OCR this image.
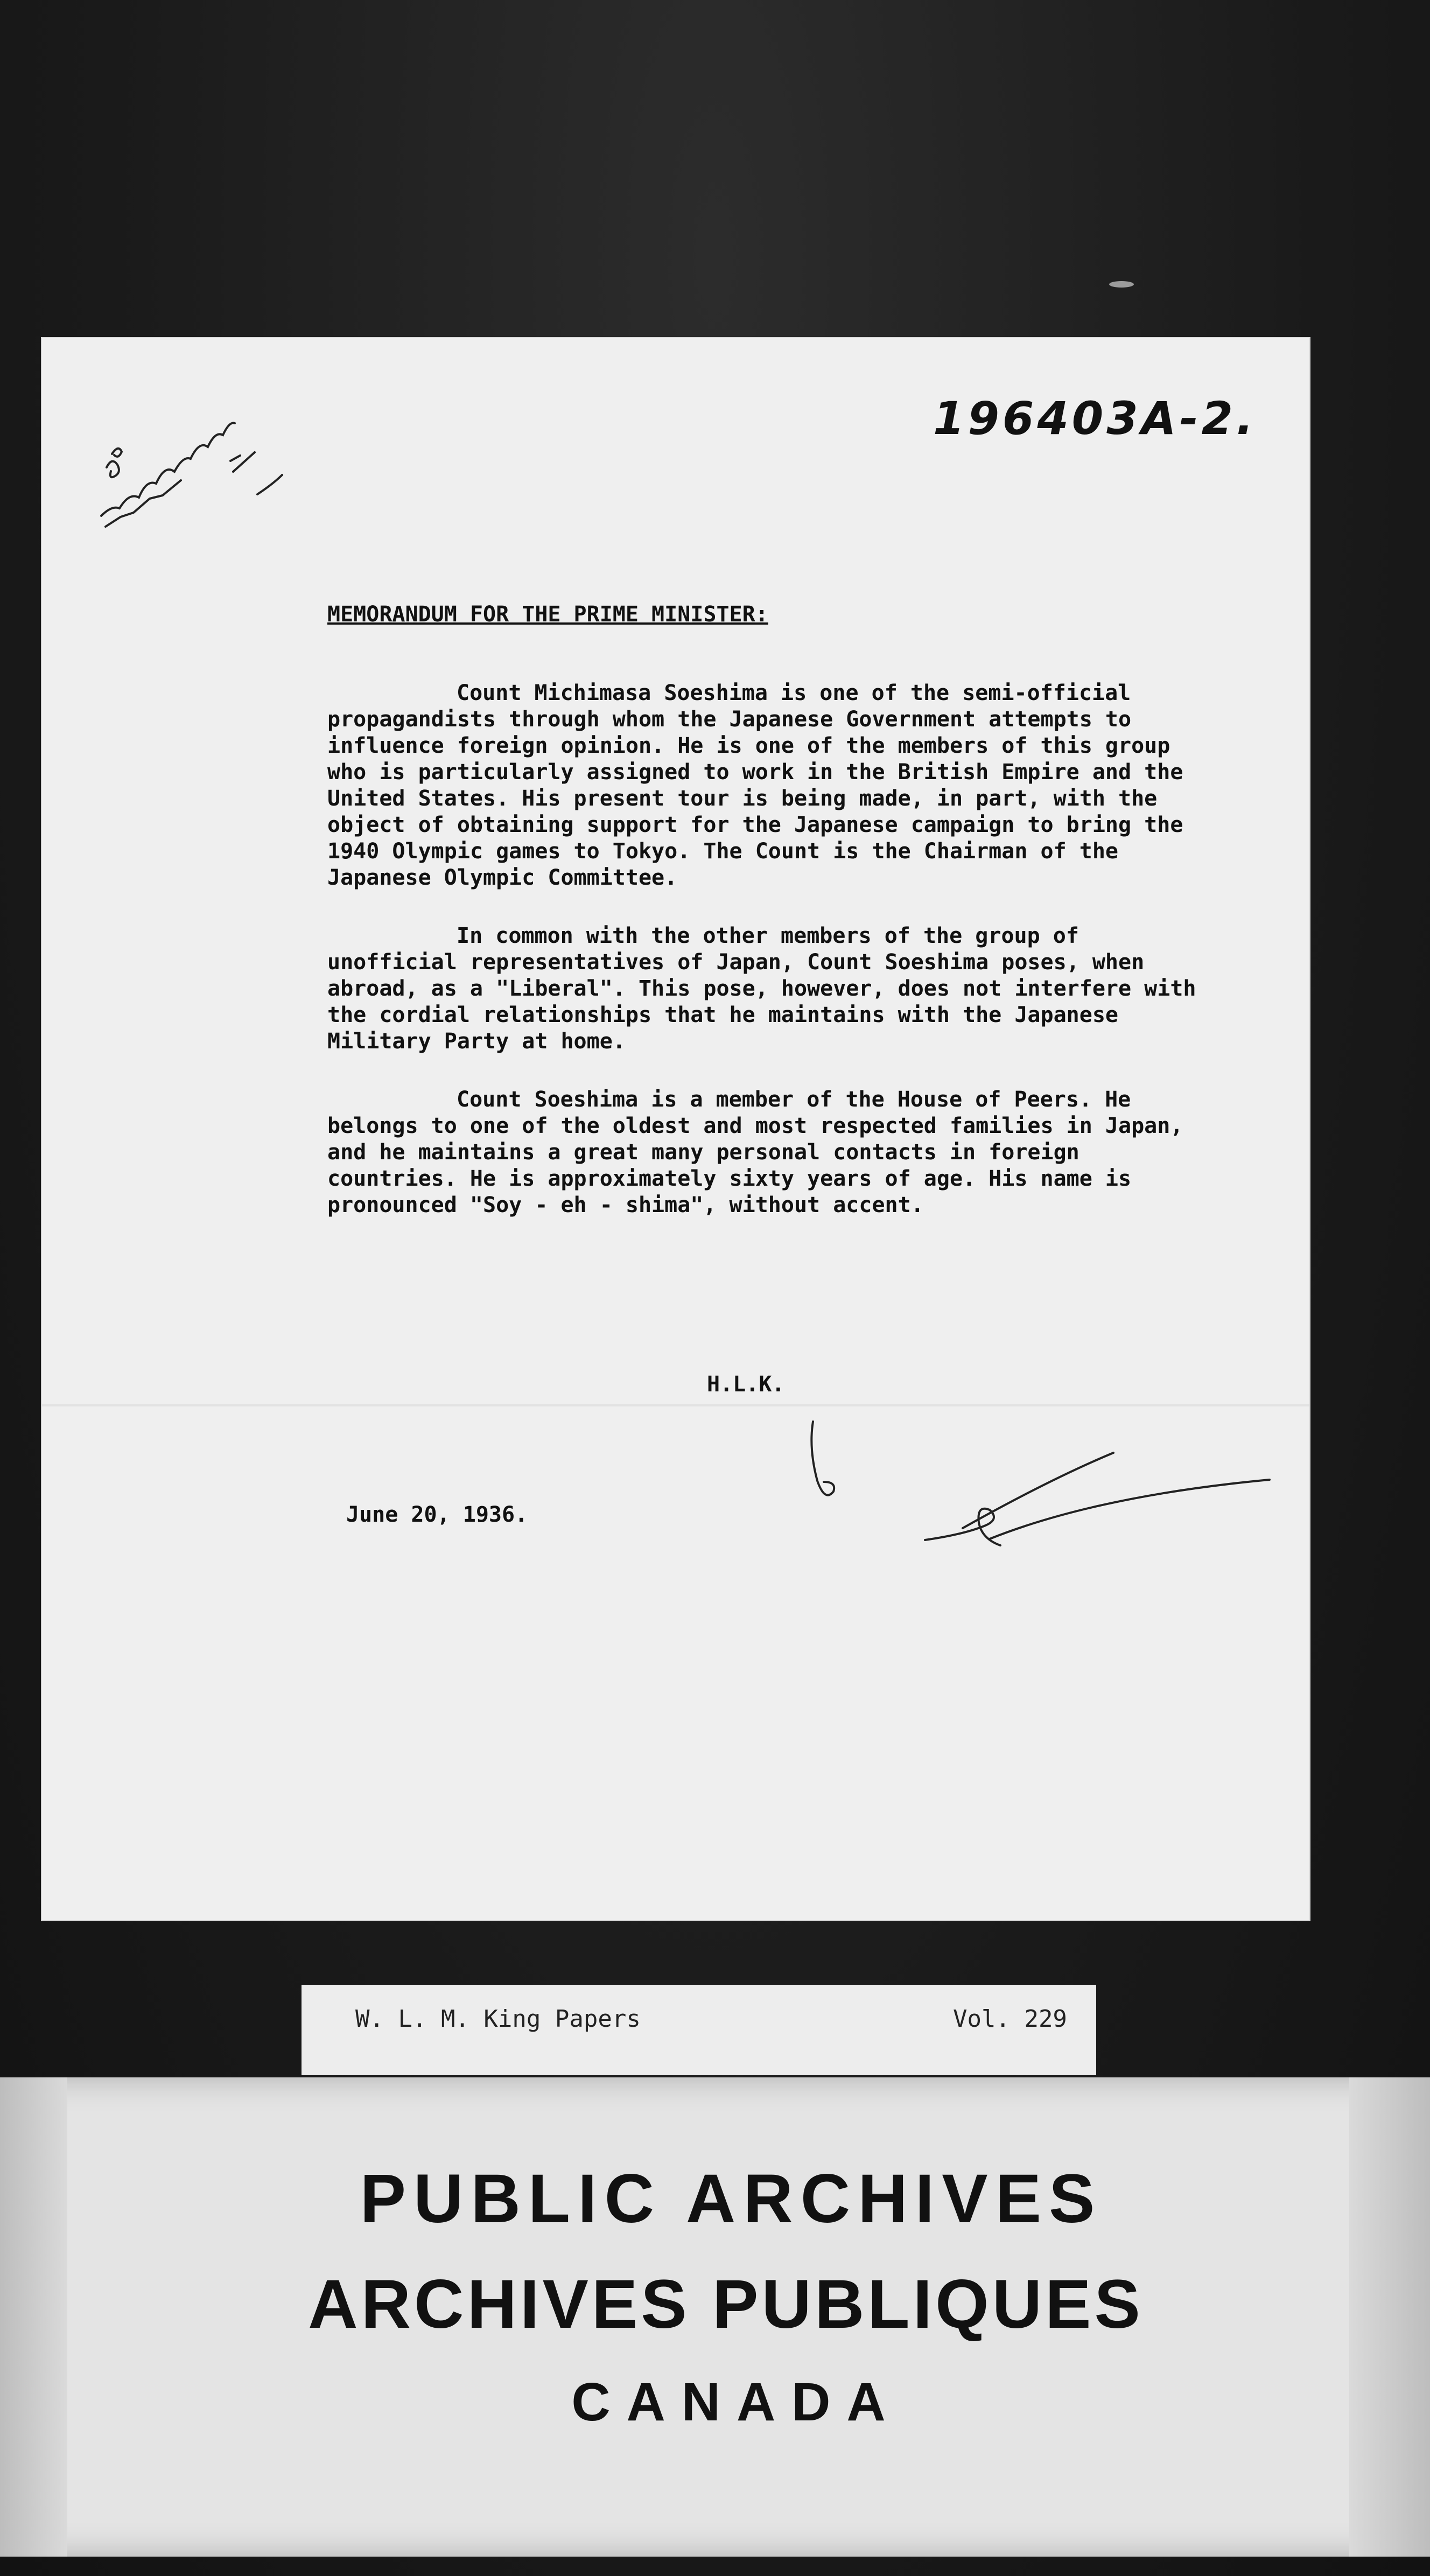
196403A-2.
MEMORANDUM FOR THE PRIME MINISTER:

Count Michimasa Soeshima is one of the semi-official propagandists through whom the Japanese Government attempts to influence foreign opinion. He is one of the members of this group who is particularly assigned to work in the British Empire and the United States. His present tour is being made, in part, with the object of obtaining support for the Japanese campaign to bring the 1940 Olympic games to Tokyo. The Count is the Chairman of the Japanese Olympic Committee.

In common with the other members of the group of unofficial representatives of Japan, Count Soeshima poses, when abroad, as a "Liberal". This pose, however, does not interfere with the cordial relationships that he maintains with the Japanese Military Party at home.

Count Soeshima is a member of the House of Peers. He belongs to one of the oldest and most respected families in Japan, and he maintains a great many personal contacts in foreign countries. He is approximately sixty years of age. His name is pronounced "Soy - eh - shima", without accent.

H.L.K.

June 20, 1936.

W. L. M. King Papers	Vol. 229

PUBLIC ARCHIVES

ARCHIVES PUBLIQUES

CANADA
